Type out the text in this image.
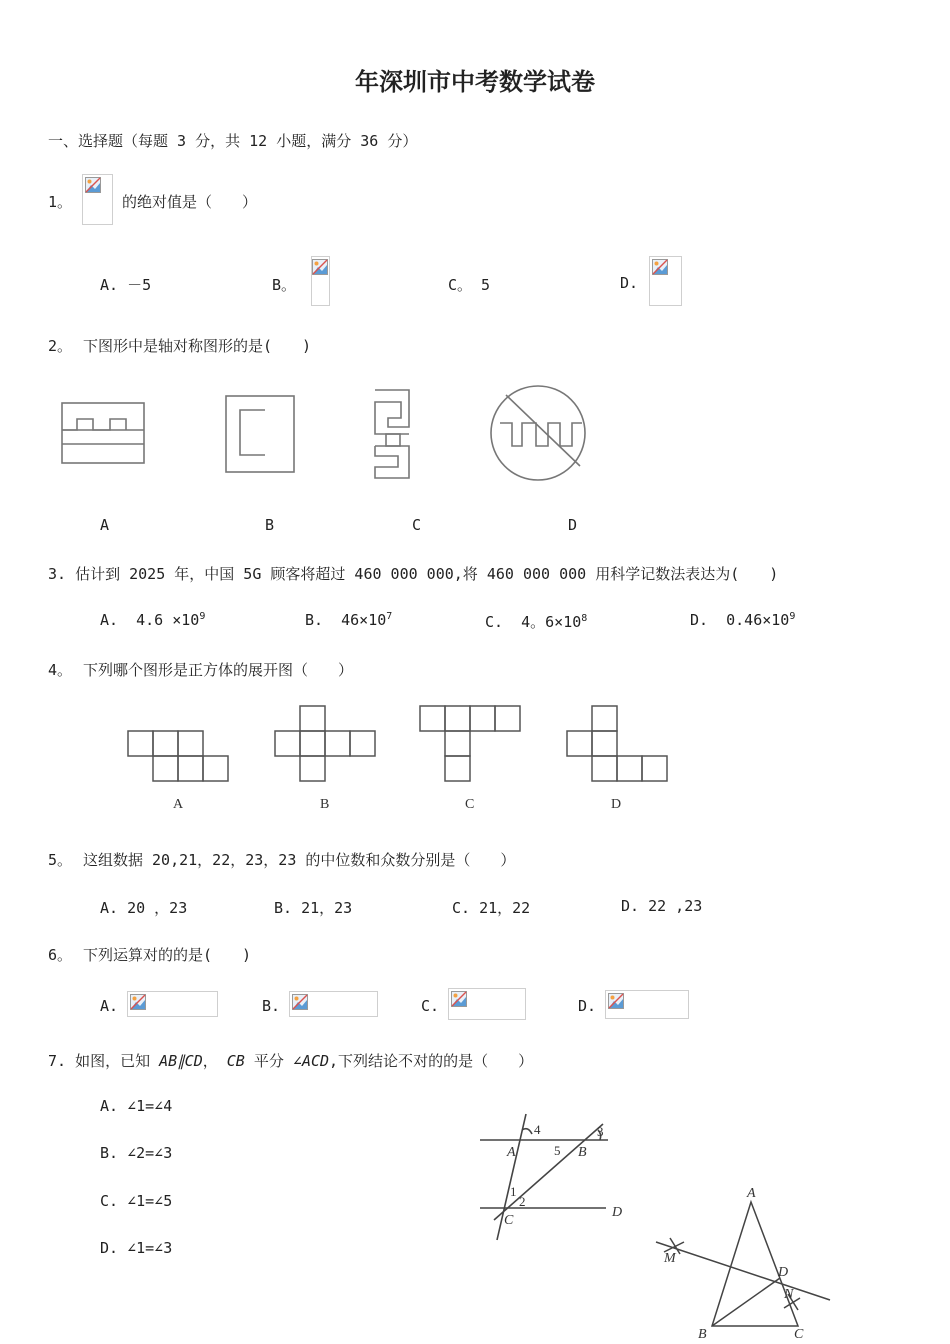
年深圳市中考数学试卷
一、选择题（每题 3 分，共 12 小题，满分 36 分）
1。	的绝对值是（　　）
A. －5	B。	C。 5	D.
2。 下图形中是轴对称图形的是(　　)
A	B	C	D
3. 估计到 2025 年，中国 5G 顾客将超过 460 000 000,将 460 000 000 用科学记数法表达为(　　)
A. $4.6 \times 10^9$	B. $46\times 10^7$	C. 4。$6\times 10^8$	D. $0.46\times 10^9$
4。 下列哪个图形是正方体的展开图（　　）
A	B	C	D
5。 这组数据 20,21，22，23，23 的中位数和众数分别是（　　）
A. 20 ，23	B. 21，23	C. 21，22	D. 22 ,23
6。 下列运算对的的是(　　)
A.	B.	C.	D.
7. 如图，已知 AB∥CD， CB 平分 ∠ACD,下列结论不对的的是（　　）
A. ∠1=∠4
B. ∠2=∠3
C. ∠1=∠5
D. ∠1=∠3
A	B
C
D
1
2
3
4
5
A
B	C
D
M
N
